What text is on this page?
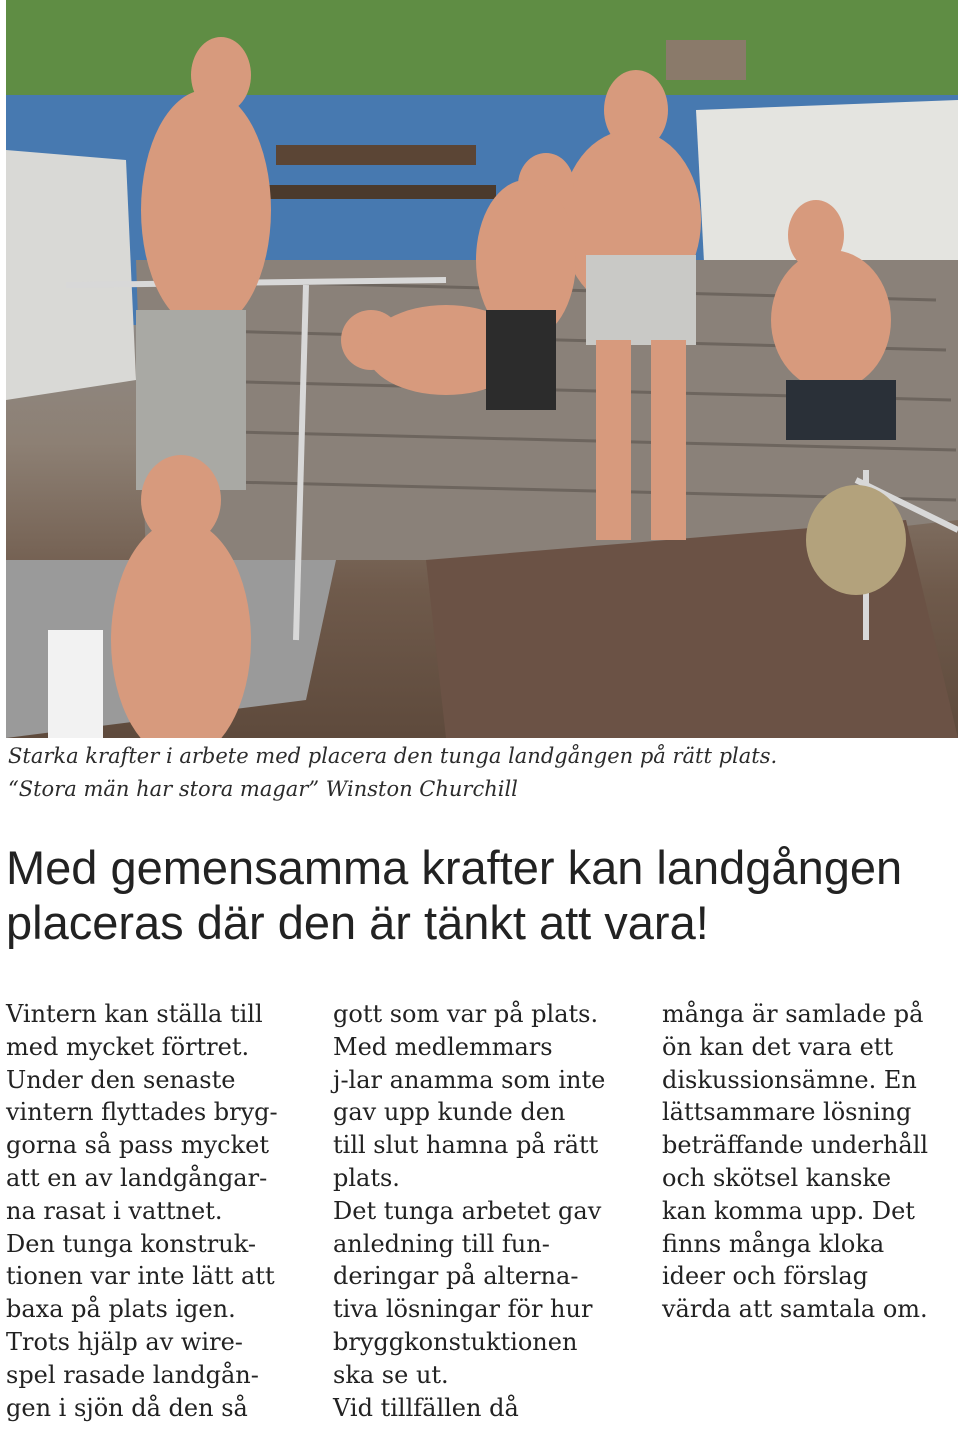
Starka krafter i arbete med placera den tunga landgången på rätt plats.
“Stora män har stora magar” Winston Churchill
Med gemensamma krafter kan landgången
placeras där den är tänkt att vara!
Vintern kan ställa till
med mycket förtret.
Under den senaste
vintern flyttades bryg-
gorna så pass mycket
att en av landgångar-
na rasat i vattnet.
Den tunga konstruk-
tionen var inte lätt att
baxa på plats igen.
Trots hjälp av wire-
spel rasade landgån-
gen i sjön då den så
gott som var på plats.
Med medlemmars
j-lar anamma som inte
gav upp kunde den
till slut hamna på rätt
plats.
Det tunga arbetet gav
anledning till fun-
deringar på alterna-
tiva lösningar för hur
bryggkonstuktionen
ska se ut.
Vid tillfällen då
många är samlade på
ön kan det vara ett
diskussionsämne. En
lättsammare lösning
beträffande underhåll
och skötsel kanske
kan komma upp. Det
finns många kloka
ideer och förslag
värda att samtala om.
